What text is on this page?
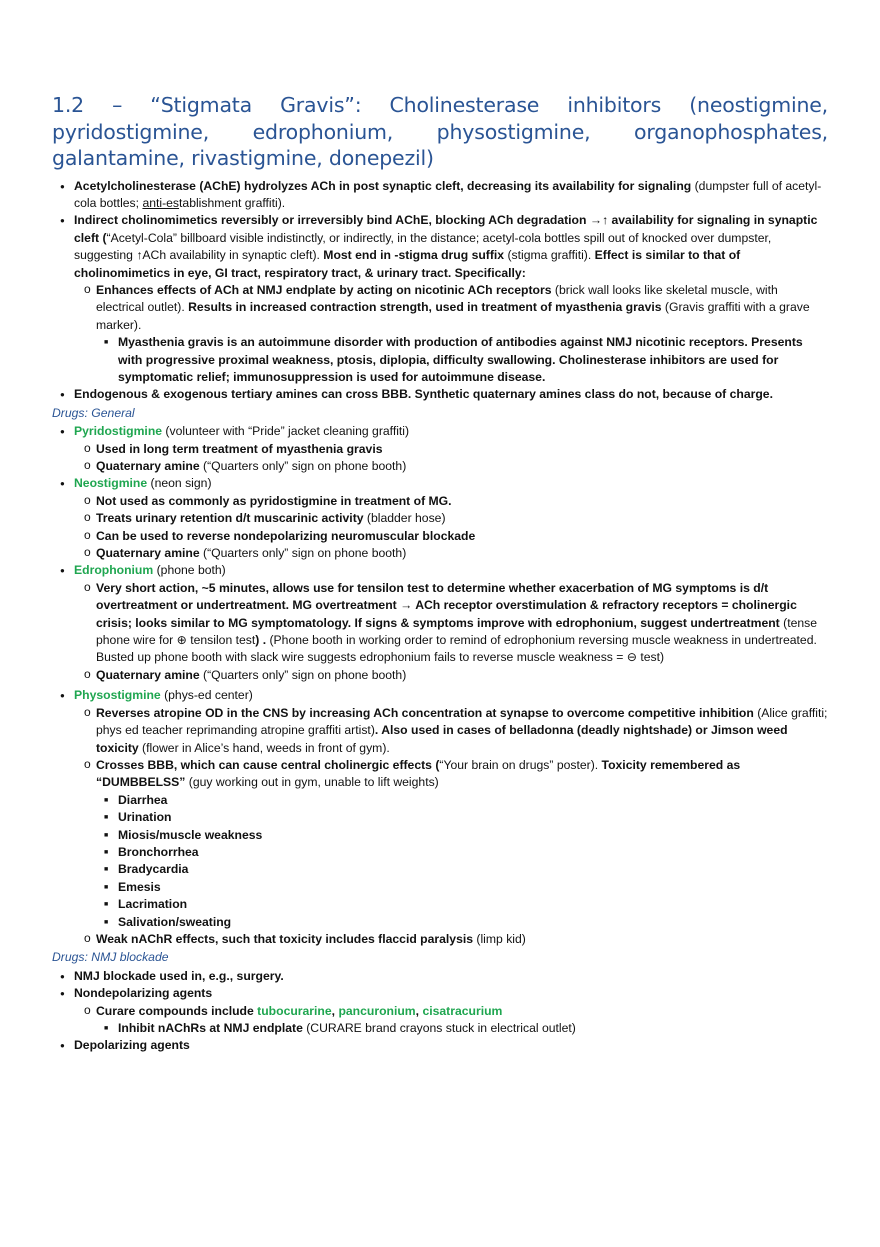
1.2 – “Stigmata Gravis”: Cholinesterase inhibitors (neostigmine, pyridostigmine, edrophonium, physostigmine, organophosphates, galantamine, rivastigmine, donepezil)
● Acetylcholinesterase (AChE) hydrolyzes ACh in post synaptic cleft, decreasing its availability for signaling (dumpster full of acetyl-cola bottles; anti-establishment graffiti).
● Indirect cholinomimetics reversibly or irreversibly bind AChE, blocking ACh degradation →↑ availability for signaling in synaptic cleft (“Acetyl-Cola” billboard visible indistinctly, or indirectly, in the distance; acetyl-cola bottles spill out of knocked over dumpster, suggesting ↑ACh availability in synaptic cleft). Most end in -stigma drug suffix (stigma graffiti). Effect is similar to that of cholinomimetics in eye, GI tract, respiratory tract, & urinary tract. Specifically:
o Enhances effects of ACh at NMJ endplate by acting on nicotinic ACh receptors (brick wall looks like skeletal muscle, with electrical outlet). Results in increased contraction strength, used in treatment of myasthenia gravis (Gravis graffiti with a grave marker).
■ Myasthenia gravis is an autoimmune disorder with production of antibodies against NMJ nicotinic receptors. Presents with progressive proximal weakness, ptosis, diplopia, difficulty swallowing. Cholinesterase inhibitors are used for symptomatic relief; immunosuppression is used for autoimmune disease.
● Endogenous & exogenous tertiary amines can cross BBB. Synthetic quaternary amines class do not, because of charge.
Drugs: General
● Pyridostigmine (volunteer with “Pride” jacket cleaning graffiti)
o Used in long term treatment of myasthenia gravis
o Quaternary amine (“Quarters only” sign on phone booth)
● Neostigmine (neon sign)
o Not used as commonly as pyridostigmine in treatment of MG.
o Treats urinary retention d/t muscarinic activity (bladder hose)
o Can be used to reverse nondepolarizing neuromuscular blockade
o Quaternary amine (“Quarters only” sign on phone booth)
● Edrophonium (phone both)
o Very short action, ~5 minutes, allows use for tensilon test to determine whether exacerbation of MG symptoms is d/t overtreatment or undertreatment. MG overtreatment → ACh receptor overstimulation & refractory receptors = cholinergic crisis; looks similar to MG symptomatology. If signs & symptoms improve with edrophonium, suggest undertreatment (tense phone wire for ⊕ tensilon test) . (Phone booth in working order to remind of edrophonium reversing muscle weakness in undertreated. Busted up phone booth with slack wire suggests edrophonium fails to reverse muscle weakness = ⊖ test)
o Quaternary amine (“Quarters only” sign on phone booth)
● Physostigmine (phys-ed center)
o Reverses atropine OD in the CNS by increasing ACh concentration at synapse to overcome competitive inhibition (Alice graffiti; phys ed teacher reprimanding atropine graffiti artist). Also used in cases of belladonna (deadly nightshade) or Jimson weed toxicity (flower in Alice’s hand, weeds in front of gym).
o Crosses BBB, which can cause central cholinergic effects (“Your brain on drugs” poster). Toxicity remembered as “DUMBBELSS” (guy working out in gym, unable to lift weights)
■ Diarrhea
■ Urination
■ Miosis/muscle weakness
■ Bronchorrhea
■ Bradycardia
■ Emesis
■ Lacrimation
■ Salivation/sweating
o Weak nAChR effects, such that toxicity includes flaccid paralysis (limp kid)
Drugs: NMJ blockade
● NMJ blockade used in, e.g., surgery.
● Nondepolarizing agents
o Curare compounds include tubocurarine, pancuronium, cisatracurium
■ Inhibit nAChRs at NMJ endplate (CURARE brand crayons stuck in electrical outlet)
● Depolarizing agents
